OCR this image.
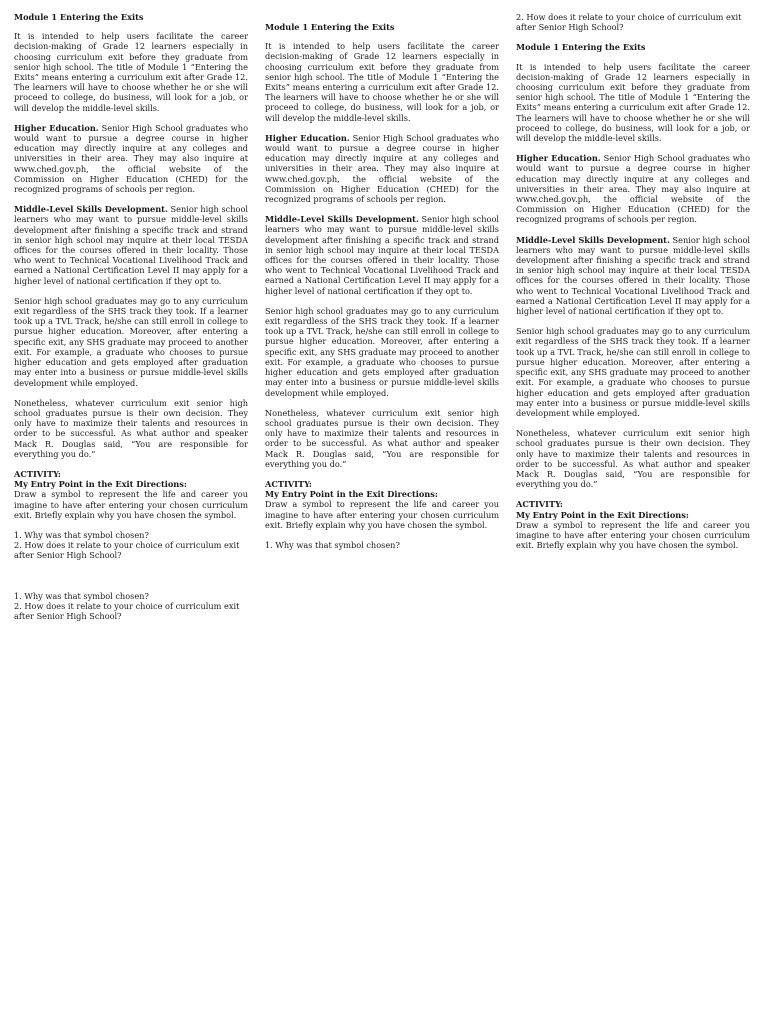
Module 1 Entering the Exits

It is intended to help users facilitate the career decision-making of Grade 12 learners especially in choosing curriculum exit before they graduate from senior high school. The title of Module 1 “Entering the Exits” means entering a curriculum exit after Grade 12. The learners will have to choose whether he or she will proceed to college, do business, will look for a job, or will develop the middle-level skills.

Higher Education. Senior High School graduates who would want to pursue a degree course in higher education may directly inquire at any colleges and universities in their area. They may also inquire at www.ched.gov.ph, the official website of the Commission on Higher Education (CHED) for the recognized programs of schools per region.

Middle-Level Skills Development. Senior high school learners who may want to pursue middle-level skills development after finishing a specific track and strand in senior high school may inquire at their local TESDA offices for the courses offered in their locality. Those who went to Technical Vocational Livelihood Track and earned a National Certification Level II may apply for a higher level of national certification if they opt to.

Senior high school graduates may go to any curriculum exit regardless of the SHS track they took. If a learner took up a TVL Track, he/she can still enroll in college to pursue higher education. Moreover, after entering a specific exit, any SHS graduate may proceed to another exit. For example, a graduate who chooses to pursue higher education and gets employed after graduation may enter into a business or pursue middle-level skills development while employed.

Nonetheless, whatever curriculum exit senior high school graduates pursue is their own decision. They only have to maximize their talents and resources in order to be successful. As what author and speaker Mack R. Douglas said, “You are responsible for everything you do.”

ACTIVITY:

My Entry Point in the Exit Directions:

Draw a symbol to represent the life and career you imagine to have after entering your chosen curriculum exit. Briefly explain why you have chosen the symbol.

1. Why was that symbol chosen?

2. How does it relate to your choice of curriculum exit after Senior High School?

1. Why was that symbol chosen?

2. How does it relate to your choice of curriculum exit after Senior High School?

Module 1 Entering the Exits

It is intended to help users facilitate the career decision-making of Grade 12 learners especially in choosing curriculum exit before they graduate from senior high school. The title of Module 1 “Entering the Exits” means entering a curriculum exit after Grade 12. The learners will have to choose whether he or she will proceed to college, do business, will look for a job, or will develop the middle-level skills.

Higher Education. Senior High School graduates who would want to pursue a degree course in higher education may directly inquire at any colleges and universities in their area. They may also inquire at www.ched.gov.ph, the official website of the Commission on Higher Education (CHED) for the recognized programs of schools per region.

Middle-Level Skills Development. Senior high school learners who may want to pursue middle-level skills development after finishing a specific track and strand in senior high school may inquire at their local TESDA offices for the courses offered in their locality. Those who went to Technical Vocational Livelihood Track and earned a National Certification Level II may apply for a higher level of national certification if they opt to.

Senior high school graduates may go to any curriculum exit regardless of the SHS track they took. If a learner took up a TVL Track, he/she can still enroll in college to pursue higher education. Moreover, after entering a specific exit, any SHS graduate may proceed to another exit. For example, a graduate who chooses to pursue higher education and gets employed after graduation may enter into a business or pursue middle-level skills development while employed.

Nonetheless, whatever curriculum exit senior high school graduates pursue is their own decision. They only have to maximize their talents and resources in order to be successful. As what author and speaker Mack R. Douglas said, “You are responsible for everything you do.”

ACTIVITY:

My Entry Point in the Exit Directions:

Draw a symbol to represent the life and career you imagine to have after entering your chosen curriculum exit. Briefly explain why you have chosen the symbol.

1. Why was that symbol chosen?

2. How does it relate to your choice of curriculum exit after Senior High School?

Module 1 Entering the Exits

It is intended to help users facilitate the career decision-making of Grade 12 learners especially in choosing curriculum exit before they graduate from senior high school. The title of Module 1 “Entering the Exits” means entering a curriculum exit after Grade 12. The learners will have to choose whether he or she will proceed to college, do business, will look for a job, or will develop the middle-level skills.

Higher Education. Senior High School graduates who would want to pursue a degree course in higher education may directly inquire at any colleges and universities in their area. They may also inquire at www.ched.gov.ph, the official website of the Commission on Higher Education (CHED) for the recognized programs of schools per region.

Middle-Level Skills Development. Senior high school learners who may want to pursue middle-level skills development after finishing a specific track and strand in senior high school may inquire at their local TESDA offices for the courses offered in their locality. Those who went to Technical Vocational Livelihood Track and earned a National Certification Level II may apply for a higher level of national certification if they opt to.

Senior high school graduates may go to any curriculum exit regardless of the SHS track they took. If a learner took up a TVL Track, he/she can still enroll in college to pursue higher education. Moreover, after entering a specific exit, any SHS graduate may proceed to another exit. For example, a graduate who chooses to pursue higher education and gets employed after graduation may enter into a business or pursue middle-level skills development while employed.

Nonetheless, whatever curriculum exit senior high school graduates pursue is their own decision. They only have to maximize their talents and resources in order to be successful. As what author and speaker Mack R. Douglas said, “You are responsible for everything you do.”

ACTIVITY:

My Entry Point in the Exit Directions:

Draw a symbol to represent the life and career you imagine to have after entering your chosen curriculum exit. Briefly explain why you have chosen the symbol.
